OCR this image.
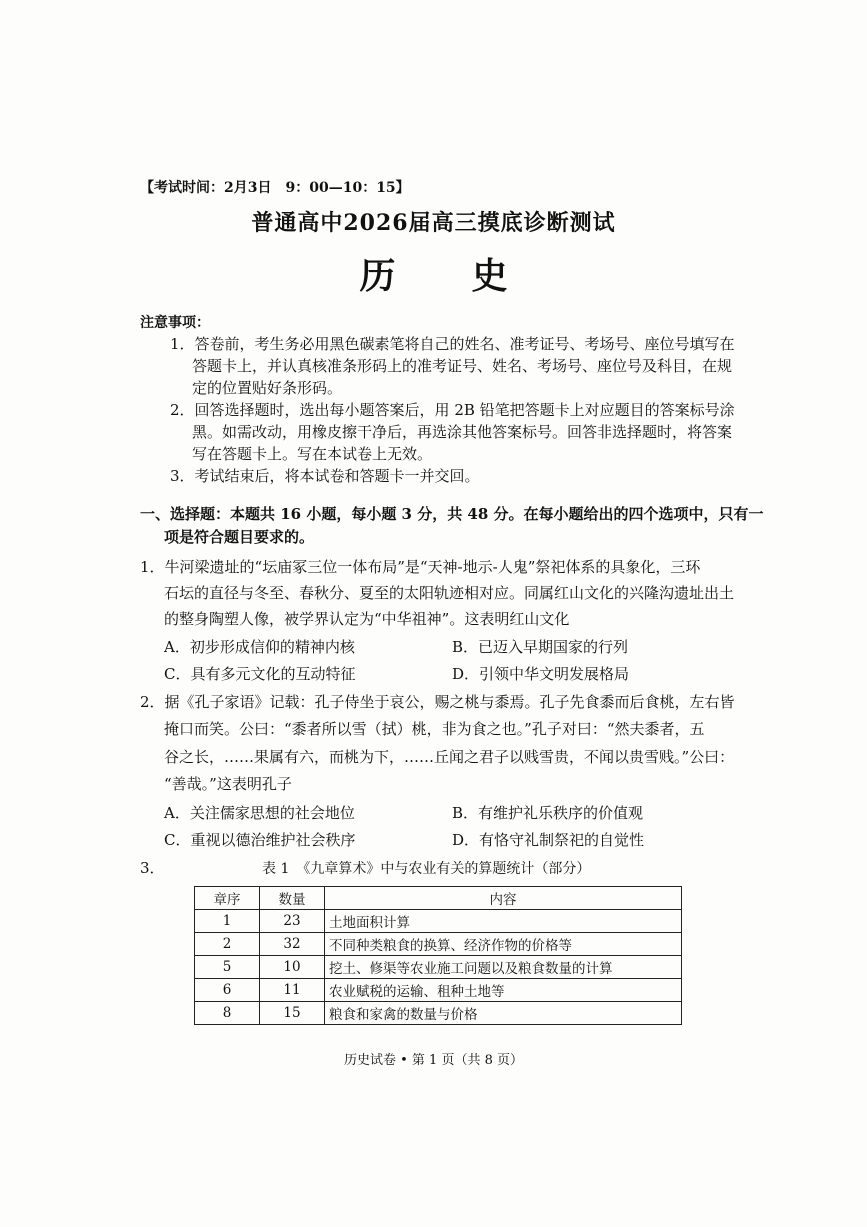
【考试时间：2月3日　9：00—10：15】
普通高中2026届高三摸底诊断测试
历　史
注意事项：
1．答卷前，考生务必用黑色碳素笔将自己的姓名、准考证号、考场号、座位号填写在
答题卡上，并认真核准条形码上的准考证号、姓名、考场号、座位号及科目，在规
定的位置贴好条形码。
2．回答选择题时，选出每小题答案后，用 2B 铅笔把答题卡上对应题目的答案标号涂
黑。如需改动，用橡皮擦干净后，再选涂其他答案标号。回答非选择题时，将答案
写在答题卡上。写在本试卷上无效。
3．考试结束后，将本试卷和答题卡一并交回。
一、选择题：本题共 16 小题，每小题 3 分，共 48 分。在每小题给出的四个选项中，只有一
项是符合题目要求的。
1．牛河梁遗址的“坛庙冢三位一体布局”是“天神-地示-人鬼”祭祀体系的具象化，三环
石坛的直径与冬至、春秋分、夏至的太阳轨迹相对应。同属红山文化的兴隆沟遗址出土
的整身陶塑人像，被学界认定为“中华祖神”。这表明红山文化
A．初步形成信仰的精神内核	B．已迈入早期国家的行列
C．具有多元文化的互动特征	D．引领中华文明发展格局
2．据《孔子家语》记载：孔子侍坐于哀公，赐之桃与黍焉。孔子先食黍而后食桃，左右皆
掩口而笑。公曰：“黍者所以雪（拭）桃，非为食之也。”孔子对曰：“然夫黍者，五
谷之长，……果属有六，而桃为下，……丘闻之君子以贱雪贵，不闻以贵雪贱。”公曰：
“善哉。”这表明孔子
A．关注儒家思想的社会地位	B．有维护礼乐秩序的价值观
C．重视以德治维护社会秩序	D．有恪守礼制祭祀的自觉性
3．	表 1　《九章算术》中与农业有关的算题统计（部分）
章序	数量	内容
1	23	土地面积计算
2	32	不同种类粮食的换算、经济作物的价格等
5	10	挖土、修渠等农业施工问题以及粮食数量的计算
6	11	农业赋税的运输、租种土地等
8	15	粮食和家禽的数量与价格
历史试卷 • 第 1 页（共 8 页）
